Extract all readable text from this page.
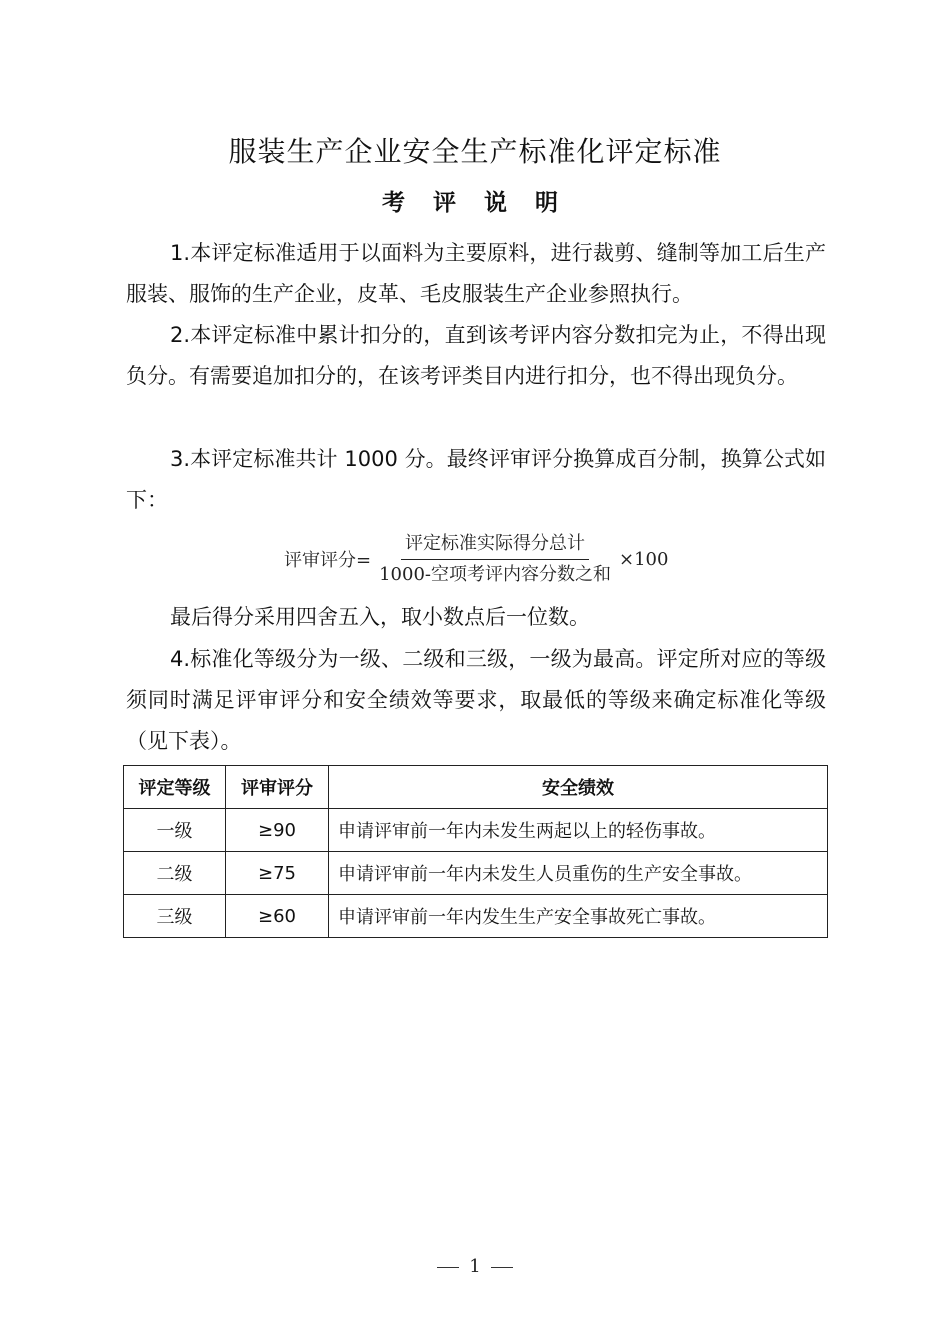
服装生产企业安全生产标准化评定标准
考 评 说 明
1.本评定标准适用于以面料为主要原料，进行裁剪、缝制等加工后生产服装、服饰的生产企业，皮革、毛皮服装生产企业参照执行。
2.本评定标准中累计扣分的，直到该考评内容分数扣完为止，不得出现负分。有需要追加扣分的，在该考评类目内进行扣分，也不得出现负分。
3.本评定标准共计 1000 分。最终评审评分换算成百分制，换算公式如下：
评审评分= $\frac{\text{评定标准实际得分总计}}{\text{1000-空项考评内容分数之和}} \times 100$
最后得分采用四舍五入，取小数点后一位数。
4.标准化等级分为一级、二级和三级，一级为最高。评定所对应的等级须同时满足评审评分和安全绩效等要求，取最低的等级来确定标准化等级（见下表）。
评定等级	评审评分	安全绩效
一级	≥90	申请评审前一年内未发生两起以上的轻伤事故。
二级	≥75	申请评审前一年内未发生人员重伤的生产安全事故。
三级	≥60	申请评审前一年内发生生产安全事故死亡事故。
1
